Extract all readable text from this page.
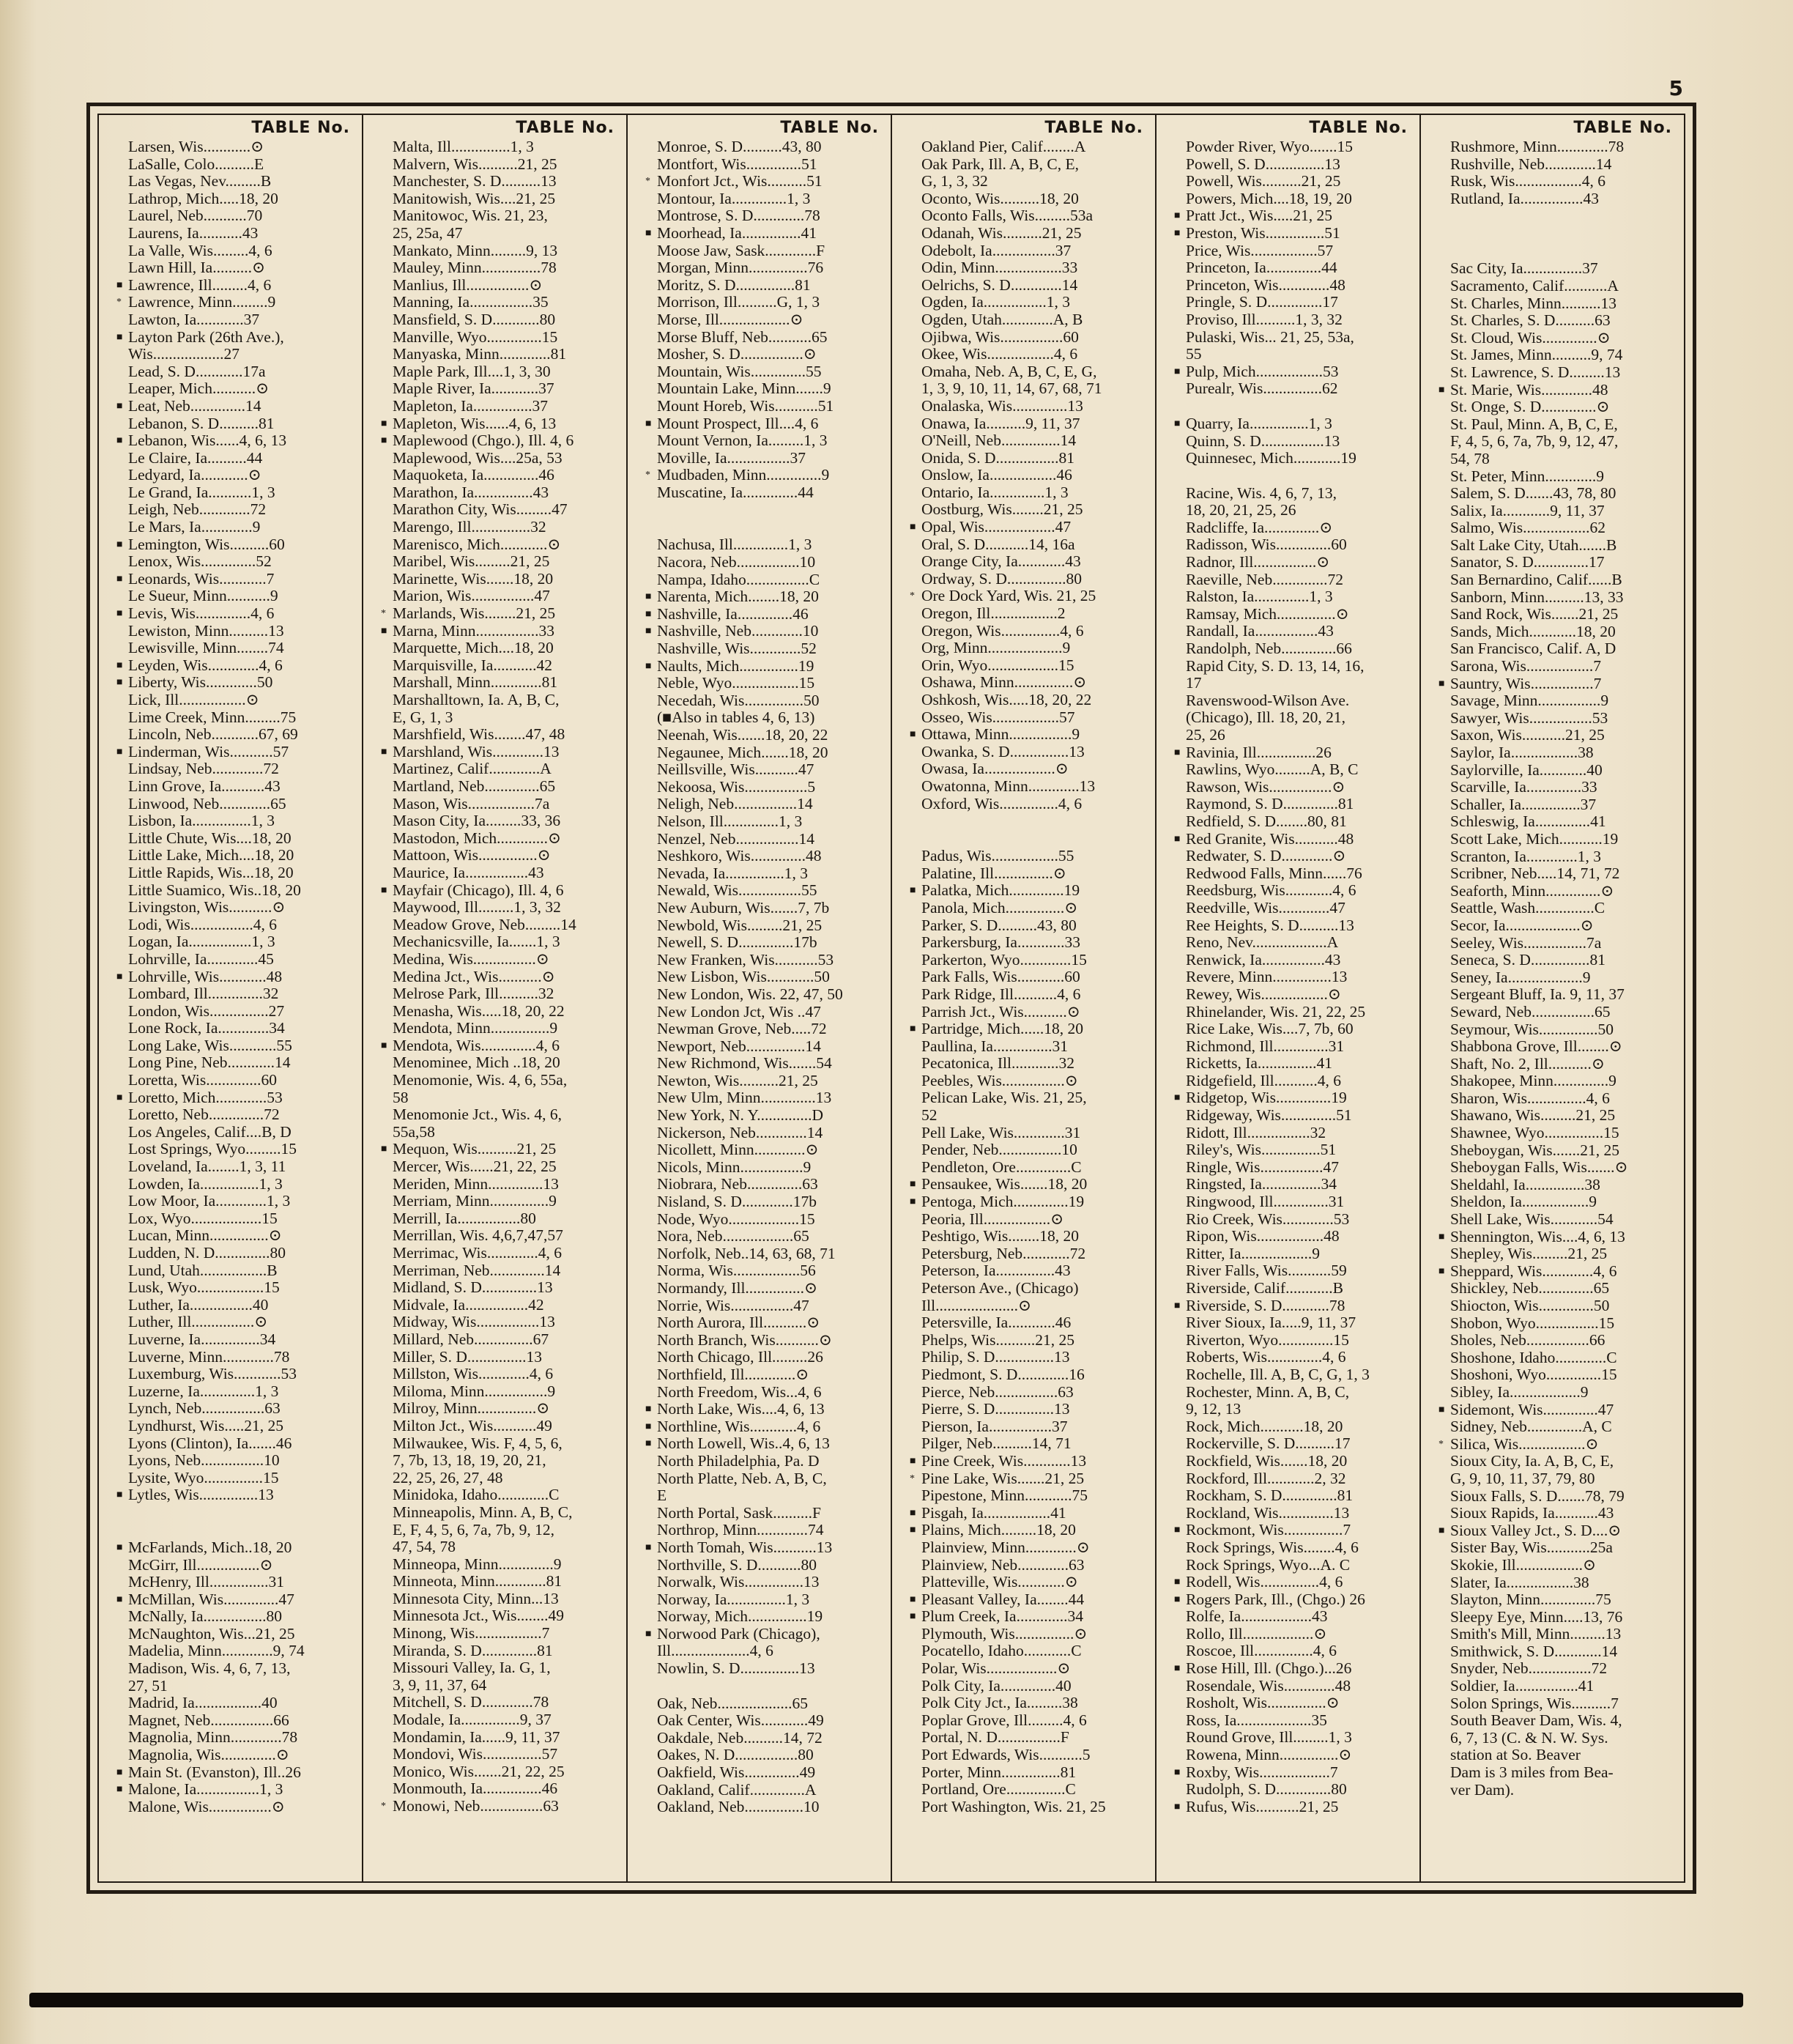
5
TABLE No.
Larsen, Wis............⊙
LaSalle, Colo..........E
Las Vegas, Nev.........B
Lathrop, Mich.....18, 20
Laurel, Neb...........70
Laurens, Ia...........43
La Valle, Wis.........4, 6
Lawn Hill, Ia..........⊙
■ Lawrence, Ill.........4, 6
* Lawrence, Minn.........9
Lawton, Ia............37
■ Layton Park (26th Ave.),
Wis..................27
Lead, S. D............17a
Leaper, Mich...........⊙
■ Leat, Neb..............14
Lebanon, S. D..........81
■ Lebanon, Wis......4, 6, 13
Le Claire, Ia..........44
Ledyard, Ia............⊙
Le Grand, Ia...........1, 3
Leigh, Neb.............72
Le Mars, Ia.............9
■ Lemington, Wis..........60
Lenox, Wis..............52
■ Leonards, Wis............7
Le Sueur, Minn...........9
■ Levis, Wis..............4, 6
Lewiston, Minn..........13
Lewisville, Minn........74
■ Leyden, Wis.............4, 6
■ Liberty, Wis.............50
Lick, Ill.................⊙
Lime Creek, Minn.........75
Lincoln, Neb............67, 69
■ Linderman, Wis...........57
Lindsay, Neb.............72
Linn Grove, Ia...........43
Linwood, Neb.............65
Lisbon, Ia...............1, 3
Little Chute, Wis....18, 20
Little Lake, Mich....18, 20
Little Rapids, Wis...18, 20
Little Suamico, Wis..18, 20
Livingston, Wis...........⊙
Lodi, Wis................4, 6
Logan, Ia................1, 3
Lohrville, Ia.............45
■ Lohrville, Wis............48
Lombard, Ill..............32
London, Wis...............27
Lone Rock, Ia.............34
Long Lake, Wis............55
Long Pine, Neb............14
Loretta, Wis..............60
■ Loretto, Mich.............53
Loretto, Neb..............72
Los Angeles, Calif....B, D
Lost Springs, Wyo.........15
Loveland, Ia........1, 3, 11
Lowden, Ia...............1, 3
Low Moor, Ia.............1, 3
Lox, Wyo..................15
Lucan, Minn...............⊙
Ludden, N. D..............80
Lund, Utah.................B
Lusk, Wyo.................15
Luther, Ia................40
Luther, Ill................⊙
Luverne, Ia...............34
Luverne, Minn.............78
Luxemburg, Wis............53
Luzerne, Ia..............1, 3
Lynch, Neb................63
Lyndhurst, Wis.....21, 25
Lyons (Clinton), Ia.......46
Lyons, Neb................10
Lysite, Wyo...............15
■ Lytles, Wis...............13
■ McFarlands, Mich..18, 20
McGirr, Ill................⊙
McHenry, Ill...............31
■ McMillan, Wis..............47
McNally, Ia................80
McNaughton, Wis...21, 25
Madelia, Minn.............9, 74
Madison, Wis. 4, 6, 7, 13,
27, 51
Madrid, Ia.................40
Magnet, Neb................66
Magnolia, Minn.............78
Magnolia, Wis..............⊙
■ Main St. (Evanston), Ill..26
■ Malone, Ia................1, 3
Malone, Wis................⊙
TABLE No.
Malta, Ill...............1, 3
Malvern, Wis..........21, 25
Manchester, S. D..........13
Manitowish, Wis....21, 25
Manitowoc, Wis. 21, 23,
25, 25a, 47
Mankato, Minn.........9, 13
Mauley, Minn...............78
Manlius, Ill................⊙
Manning, Ia................35
Mansfield, S. D............80
Manville, Wyo..............15
Manyaska, Minn.............81
Maple Park, Ill....1, 3, 30
Maple River, Ia............37
Mapleton, Ia...............37
■ Mapleton, Wis......4, 6, 13
■ Maplewood (Chgo.), Ill. 4, 6
Maplewood, Wis....25a, 53
Maquoketa, Ia..............46
Marathon, Ia...............43
Marathon City, Wis.........47
Marengo, Ill...............32
Marenisco, Mich............⊙
Maribel, Wis.........21, 25
Marinette, Wis.......18, 20
Marion, Wis................47
* Marlands, Wis........21, 25
■ Marna, Minn................33
Marquette, Mich....18, 20
Marquisville, Ia...........42
Marshall, Minn.............81
Marshalltown, Ia. A, B, C,
E, G, 1, 3
Marshfield, Wis........47, 48
■ Marshland, Wis.............13
Martinez, Calif.............A
Martland, Neb..............65
Mason, Wis.................7a
Mason City, Ia.........33, 36
Mastodon, Mich.............⊙
Mattoon, Wis...............⊙
Maurice, Ia................43
■ Mayfair (Chicago), Ill. 4, 6
Maywood, Ill.........1, 3, 32
Meadow Grove, Neb.........14
Mechanicsville, Ia.......1, 3
Medina, Wis................⊙
Medina Jct., Wis...........⊙
Melrose Park, Ill..........32
Menasha, Wis.....18, 20, 22
Mendota, Minn...............9
■ Mendota, Wis..............4, 6
Menominee, Mich ..18, 20
Menomonie, Wis. 4, 6, 55a,
58
Menomonie Jct., Wis. 4, 6,
55a,58
■ Mequon, Wis..........21, 25
Mercer, Wis......21, 22, 25
Meriden, Minn..............13
Merriam, Minn...............9
Merrill, Ia................80
Merrillan, Wis. 4,6,7,47,57
Merrimac, Wis.............4, 6
Merriman, Neb..............14
Midland, S. D..............13
Midvale, Ia................42
Midway, Wis................13
Millard, Neb...............67
Miller, S. D...............13
Millston, Wis.............4, 6
Miloma, Minn................9
Milroy, Minn...............⊙
Milton Jct., Wis...........49
Milwaukee, Wis. F, 4, 5, 6,
7, 7b, 13, 18, 19, 20, 21,
22, 25, 26, 27, 48
Minidoka, Idaho.............C
Minneapolis, Minn. A, B, C,
E, F, 4, 5, 6, 7a, 7b, 9, 12,
47, 54, 78
Minneopa, Minn..............9
Minneota, Minn.............81
Minnesota City, Minn...13
Minnesota Jct., Wis........49
Minong, Wis.................7
Miranda, S. D..............81
Missouri Valley, Ia. G, 1,
3, 9, 11, 37, 64
Mitchell, S. D.............78
Modale, Ia...............9, 37
Mondamin, Ia......9, 11, 37
Mondovi, Wis...............57
Monico, Wis.......21, 22, 25
Monmouth, Ia...............46
* Monowi, Neb................63
TABLE No.
Monroe, S. D..........43, 80
Montfort, Wis..............51
* Monfort Jct., Wis..........51
Montour, Ia..............1, 3
Montrose, S. D.............78
■ Moorhead, Ia...............41
Moose Jaw, Sask.............F
Morgan, Minn...............76
Moritz, S. D...............81
Morrison, Ill..........G, 1, 3
Morse, Ill..................⊙
Morse Bluff, Neb...........65
Mosher, S. D................⊙
Mountain, Wis..............55
Mountain Lake, Minn.......9
Mount Horeb, Wis...........51
■ Mount Prospect, Ill....4, 6
Mount Vernon, Ia.........1, 3
Moville, Ia................37
* Mudbaden, Minn..............9
Muscatine, Ia..............44
Nachusa, Ill..............1, 3
Nacora, Neb................10
Nampa, Idaho................C
■ Narenta, Mich........18, 20
■ Nashville, Ia..............46
■ Nashville, Neb.............10
Nashville, Wis.............52
■ Naults, Mich...............19
Neble, Wyo.................15
Necedah, Wis...............50
(■Also in tables 4, 6, 13)
Neenah, Wis.......18, 20, 22
Negaunee, Mich.......18, 20
Neillsville, Wis...........47
Nekoosa, Wis................5
Neligh, Neb................14
Nelson, Ill..............1, 3
Nenzel, Neb................14
Neshkoro, Wis..............48
Nevada, Ia...............1, 3
Newald, Wis................55
New Auburn, Wis.......7, 7b
Newbold, Wis.........21, 25
Newell, S. D..............17b
New Franken, Wis...........53
New Lisbon, Wis............50
New London, Wis. 22, 47, 50
New London Jct, Wis ..47
Newman Grove, Neb.....72
Newport, Neb...............14
New Richmond, Wis.......54
Newton, Wis..........21, 25
New Ulm, Minn..............13
New York, N. Y..............D
Nickerson, Neb.............14
Nicollett, Minn.............⊙
Nicols, Minn................9
Niobrara, Neb..............63
Nisland, S. D.............17b
Node, Wyo..................15
Nora, Neb..................65
Norfolk, Neb..14, 63, 68, 71
Norma, Wis.................56
Normandy, Ill...............⊙
Norrie, Wis................47
North Aurora, Ill...........⊙
North Branch, Wis...........⊙
North Chicago, Ill.........26
Northfield, Ill.............⊙
North Freedom, Wis...4, 6
■ North Lake, Wis....4, 6, 13
■ Northline, Wis............4, 6
■ North Lowell, Wis..4, 6, 13
North Philadelphia, Pa. D
North Platte, Neb. A, B, C,
E
North Portal, Sask..........F
Northrop, Minn.............74
■ North Tomah, Wis...........13
Northville, S. D...........80
Norwalk, Wis...............13
Norway, Ia...............1, 3
Norway, Mich...............19
■ Norwood Park (Chicago),
Ill....................4, 6
Nowlin, S. D...............13
Oak, Neb...................65
Oak Center, Wis............49
Oakdale, Neb..........14, 72
Oakes, N. D................80
Oakfield, Wis..............49
Oakland, Calif..............A
Oakland, Neb...............10
TABLE No.
Oakland Pier, Calif........A
Oak Park, Ill. A, B, C, E,
G, 1, 3, 32
Oconto, Wis..........18, 20
Oconto Falls, Wis.........53a
Odanah, Wis..........21, 25
Odebolt, Ia................37
Odin, Minn.................33
Oelrichs, S. D.............14
Ogden, Ia................1, 3
Ogden, Utah.............A, B
Ojibwa, Wis................60
Okee, Wis.................4, 6
Omaha, Neb. A, B, C, E, G,
1, 3, 9, 10, 11, 14, 67, 68, 71
Onalaska, Wis..............13
Onawa, Ia..........9, 11, 37
O'Neill, Neb...............14
Onida, S. D................81
Onslow, Ia.................46
Ontario, Ia..............1, 3
Oostburg, Wis........21, 25
■ Opal, Wis..................47
Oral, S. D...........14, 16a
Orange City, Ia............43
Ordway, S. D...............80
* Ore Dock Yard, Wis. 21, 25
Oregon, Ill.................2
Oregon, Wis...............4, 6
Org, Minn...................9
Orin, Wyo..................15
Oshawa, Minn...............⊙
Oshkosh, Wis.....18, 20, 22
Osseo, Wis.................57
■ Ottawa, Minn................9
Owanka, S. D...............13
Owasa, Ia..................⊙
Owatonna, Minn.............13
Oxford, Wis...............4, 6
Padus, Wis.................55
Palatine, Ill...............⊙
■ Palatka, Mich..............19
Panola, Mich...............⊙
Parker, S. D..........43, 80
Parkersburg, Ia............33
Parkerton, Wyo.............15
Park Falls, Wis............60
Park Ridge, Ill...........4, 6
Parrish Jct., Wis...........⊙
■ Partridge, Mich......18, 20
Paullina, Ia...............31
Pecatonica, Ill............32
Peebles, Wis................⊙
Pelican Lake, Wis. 21, 25,
52
Pell Lake, Wis.............31
Pender, Neb................10
Pendleton, Ore..............C
■ Pensaukee, Wis.......18, 20
■ Pentoga, Mich..............19
Peoria, Ill.................⊙
Peshtigo, Wis........18, 20
Petersburg, Neb............72
Peterson, Ia...............43
Peterson Ave., (Chicago)
Ill.....................⊙
Petersville, Ia............46
Phelps, Wis..........21, 25
Philip, S. D...............13
Piedmont, S. D.............16
Pierce, Neb................63
Pierre, S. D...............13
Pierson, Ia................37
Pilger, Neb..........14, 71
■ Pine Creek, Wis............13
* Pine Lake, Wis.......21, 25
Pipestone, Minn............75
■ Pisgah, Ia.................41
■ Plains, Mich.........18, 20
Plainview, Minn.............⊙
Plainview, Neb.............63
Platteville, Wis............⊙
■ Pleasant Valley, Ia........44
■ Plum Creek, Ia.............34
Plymouth, Wis...............⊙
Pocatello, Idaho............C
Polar, Wis..................⊙
Polk City, Ia..............40
Polk City Jct., Ia.........38
Poplar Grove, Ill.........4, 6
Portal, N. D................F
Port Edwards, Wis...........5
Porter, Minn...............81
Portland, Ore...............C
Port Washington, Wis. 21, 25
TABLE No.
Powder River, Wyo.......15
Powell, S. D...............13
Powell, Wis..........21, 25
Powers, Mich....18, 19, 20
■ Pratt Jct., Wis.....21, 25
■ Preston, Wis...............51
Price, Wis.................57
Princeton, Ia..............44
Princeton, Wis.............48
Pringle, S. D..............17
Proviso, Ill..........1, 3, 32
Pulaski, Wis... 21, 25, 53a,
55
■ Pulp, Mich.................53
Purealr, Wis...............62
■ Quarry, Ia...............1, 3
Quinn, S. D................13
Quinnesec, Mich............19
Racine, Wis. 4, 6, 7, 13,
18, 20, 21, 25, 26
Radcliffe, Ia..............⊙
Radisson, Wis..............60
Radnor, Ill................⊙
Raeville, Neb..............72
Ralston, Ia..............1, 3
Ramsay, Mich...............⊙
Randall, Ia................43
Randolph, Neb..............66
Rapid City, S. D. 13, 14, 16,
17
Ravenswood-Wilson Ave.
(Chicago), Ill. 18, 20, 21,
25, 26
■ Ravinia, Ill...............26
Rawlins, Wyo.........A, B, C
Rawson, Wis................⊙
Raymond, S. D..............81
Redfield, S. D........80, 81
■ Red Granite, Wis...........48
Redwater, S. D.............⊙
Redwood Falls, Minn......76
Reedsburg, Wis............4, 6
Reedville, Wis.............47
Ree Heights, S. D..........13
Reno, Nev...................A
Renwick, Ia................43
Revere, Minn...............13
Rewey, Wis.................⊙
Rhinelander, Wis. 21, 22, 25
Rice Lake, Wis....7, 7b, 60
Richmond, Ill..............31
Ricketts, Ia...............41
Ridgefield, Ill...........4, 6
■ Ridgetop, Wis..............19
Ridgeway, Wis..............51
Ridott, Ill................32
Riley's, Wis...............51
Ringle, Wis................47
Ringsted, Ia...............34
Ringwood, Ill..............31
Rio Creek, Wis.............53
Ripon, Wis.................48
Ritter, Ia..................9
River Falls, Wis...........59
Riverside, Calif............B
■ Riverside, S. D............78
River Sioux, Ia.....9, 11, 37
Riverton, Wyo..............15
Roberts, Wis..............4, 6
Rochelle, Ill. A, B, C, G, 1, 3
Rochester, Minn. A, B, C,
9, 12, 13
Rock, Mich...........18, 20
Rockerville, S. D..........17
Rockfield, Wis.......18, 20
Rockford, Ill............2, 32
Rockham, S. D..............81
Rockland, Wis..............13
■ Rockmont, Wis...............7
Rock Springs, Wis........4, 6
Rock Springs, Wyo...A. C
■ Rodell, Wis...............4, 6
■ Rogers Park, Ill., (Chgo.) 26
Rolfe, Ia..................43
Rollo, Ill..................⊙
Roscoe, Ill...............4, 6
■ Rose Hill, Ill. (Chgo.)...26
Rosendale, Wis.............48
Rosholt, Wis...............⊙
Ross, Ia...................35
Round Grove, Ill.........1, 3
Rowena, Minn...............⊙
■ Roxby, Wis..................7
Rudolph, S. D..............80
■ Rufus, Wis...........21, 25
TABLE No.
Rushmore, Minn.............78
Rushville, Neb.............14
Rusk, Wis.................4, 6
Rutland, Ia................43
Sac City, Ia...............37
Sacramento, Calif...........A
St. Charles, Minn..........13
St. Charles, S. D..........63
St. Cloud, Wis..............⊙
St. James, Minn..........9, 74
St. Lawrence, S. D.........13
■ St. Marie, Wis.............48
St. Onge, S. D..............⊙
St. Paul, Minn. A, B, C, E,
F, 4, 5, 6, 7a, 7b, 9, 12, 47,
54, 78
St. Peter, Minn.............9
Salem, S. D.......43, 78, 80
Salix, Ia............9, 11, 37
Salmo, Wis.................62
Salt Lake City, Utah.......B
Sanator, S. D..............17
San Bernardino, Calif......B
Sanborn, Minn..........13, 33
Sand Rock, Wis.......21, 25
Sands, Mich............18, 20
San Francisco, Calif. A, D
Sarona, Wis.................7
■ Sauntry, Wis................7
Savage, Minn................9
Sawyer, Wis................53
Saxon, Wis...........21, 25
Saylor, Ia.................38
Saylorville, Ia............40
Scarville, Ia..............33
Schaller, Ia...............37
Schleswig, Ia..............41
Scott Lake, Mich...........19
Scranton, Ia.............1, 3
Scribner, Neb.....14, 71, 72
Seaforth, Minn..............⊙
Seattle, Wash...............C
Secor, Ia...................⊙
Seeley, Wis................7a
Seneca, S. D...............81
Seney, Ia...................9
Sergeant Bluff, Ia. 9, 11, 37
Seward, Neb................65
Seymour, Wis...............50
Shabbona Grove, Ill........⊙
Shaft, No. 2, Ill...........⊙
Shakopee, Minn..............9
Sharon, Wis...............4, 6
Shawano, Wis.........21, 25
Shawnee, Wyo...............15
Sheboygan, Wis.......21, 25
Sheboygan Falls, Wis.......⊙
Sheldahl, Ia...............38
Sheldon, Ia.................9
Shell Lake, Wis............54
■ Shennington, Wis....4, 6, 13
Shepley, Wis.........21, 25
■ Sheppard, Wis.............4, 6
Shickley, Neb..............65
Shiocton, Wis..............50
Shobon, Wyo................15
Sholes, Neb................66
Shoshone, Idaho.............C
Shoshoni, Wyo..............15
Sibley, Ia..................9
■ Sidemont, Wis..............47
Sidney, Neb..............A, C
* Silica, Wis.................⊙
Sioux City, Ia. A, B, C, E,
G, 9, 10, 11, 37, 79, 80
Sioux Falls, S. D.......78, 79
Sioux Rapids, Ia...........43
■ Sioux Valley Jct., S. D....⊙
Sister Bay, Wis...........25a
Skokie, Ill.................⊙
Slater, Ia.................38
Slayton, Minn..............75
Sleepy Eye, Minn.....13, 76
Smith's Mill, Minn.........13
Smithwick, S. D............14
Snyder, Neb................72
Soldier, Ia................41
Solon Springs, Wis..........7
South Beaver Dam, Wis. 4,
6, 7, 13 (C. & N. W. Sys.
station at So. Beaver
Dam is 3 miles from Bea-
ver Dam).
